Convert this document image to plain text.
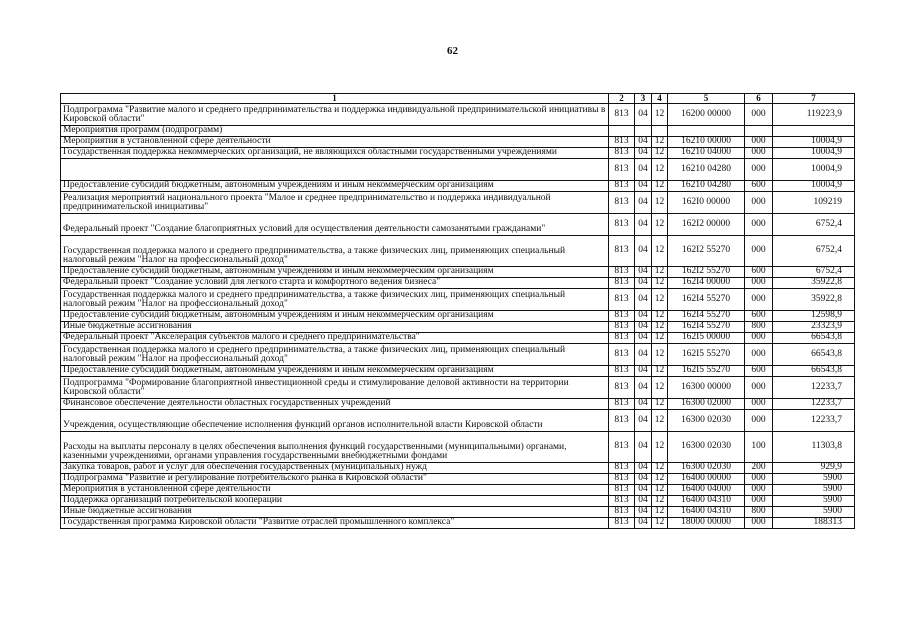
62
1	2	3	4	5	6	7
Подпрограмма "Развитие малого и среднего предпринимательства и поддержка индивидуальной предпринимательской инициативы в Кировской области"	813	04	12	16200 00000	000	119223,9
Мероприятия программ (подпрограмм)						
Мероприятия в установленной сфере деятельности	813	04	12	16210 00000	000	10004,9
Государственная поддержка некоммерческих организаций, не являющихся областными государственными учреждениями	813	04	12	16210 04000	000	10004,9
	813	04	12	16210 04280	000	10004,9
Предоставление субсидий бюджетным, автономным учреждениям и иным некоммерческим организациям	813	04	12	16210 04280	600	10004,9
Реализация мероприятий национального проекта "Малое и среднее предпринимательство и поддержка индивидуальной предпринимательской инициативы"	813	04	12	162I0 00000	000	109219
Федеральный проект "Создание благоприятных условий для осуществления деятельности самозанятыми гражданами"	813	04	12	162I2 00000	000	6752,4
Государственная поддержка малого и среднего предпринимательства, а также физических лиц, применяющих специальный налоговый режим "Налог на профессиональный доход"	813	04	12	162I2 55270	000	6752,4
Предоставление субсидий бюджетным, автономным учреждениям и иным некоммерческим организациям	813	04	12	162I2 55270	600	6752,4
Федеральный проект "Создание условий для легкого старта и комфортного ведения бизнеса"	813	04	12	162I4 00000	000	35922,8
Государственная поддержка малого и среднего предпринимательства, а также физических лиц, применяющих специальный налоговый режим "Налог на профессиональный доход"	813	04	12	162I4 55270	000	35922,8
Предоставление субсидий бюджетным, автономным учреждениям и иным некоммерческим организациям	813	04	12	162I4 55270	600	12598,9
Иные бюджетные ассигнования	813	04	12	162I4 55270	800	23323,9
Федеральный проект "Акселерация субъектов малого и среднего предпринимательства"	813	04	12	162I5 00000	000	66543,8
Государственная поддержка малого и среднего предпринимательства, а также физических лиц, применяющих специальный налоговый режим "Налог на профессиональный доход"	813	04	12	162I5 55270	000	66543,8
Предоставление субсидий бюджетным, автономным учреждениям и иным некоммерческим организациям	813	04	12	162I5 55270	600	66543,8
Подпрограмма "Формирование благоприятной инвестиционной среды и стимулирование деловой активности на территории Кировской области"	813	04	12	16300 00000	000	12233,7
Финансовое обеспечение деятельности областных государственных учреждений	813	04	12	16300 02000	000	12233,7
Учреждения, осуществляющие обеспечение исполнения функций органов исполнительной власти Кировской области	813	04	12	16300 02030	000	12233,7
Расходы на выплаты персоналу в целях обеспечения выполнения функций государственными (муниципальными) органами, казенными учреждениями, органами управления государственными внебюджетными фондами	813	04	12	16300 02030	100	11303,8
Закупка товаров, работ и услуг для обеспечения государственных (муниципальных) нужд	813	04	12	16300 02030	200	929,9
Подпрограмма "Развитие и регулирование потребительского рынка в Кировской области"	813	04	12	16400 00000	000	5900
Мероприятия в установленной сфере деятельности	813	04	12	16400 04000	000	5900
Поддержка организаций потребительской кооперации	813	04	12	16400 04310	000	5900
Иные бюджетные ассигнования	813	04	12	16400 04310	800	5900
Государственная программа Кировской области "Развитие отраслей промышленного комплекса"	813	04	12	18000 00000	000	188313
